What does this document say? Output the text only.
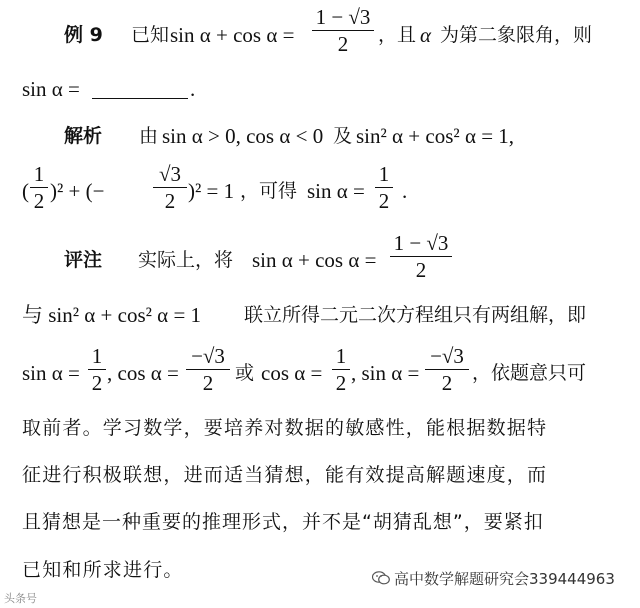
例 9 已知 sin α + cos α =
1 − √3
2	，且 α 为第二象限角，则
sin α =	.
解析 由 sin α > 0, cos α < 0 及 sin² α + cos² α = 1,
(
1
2 )² + (−
√3
2 )² = 1 ，可得 sin α =
1
2 .
评注 实际上，将 sin α + cos α =
1 − √3
2
与 sin² α + cos² α = 1 联立所得二元二次方程组只有两组解，即
sin α =
1
2 , cos α =
−√3
2	或 cos α =
1
2 , sin α =
−√3
2	，依题意只可
取前者。学习数学，要培养对数据的敏感性，能根据数据特
征进行积极联想，进而适当猜想，能有效提高解题速度，而
且猜想是一种重要的推理形式，并不是“胡猜乱想”，要紧扣
已知和所求进行。	高中数学解题研究会339444963
头条号
